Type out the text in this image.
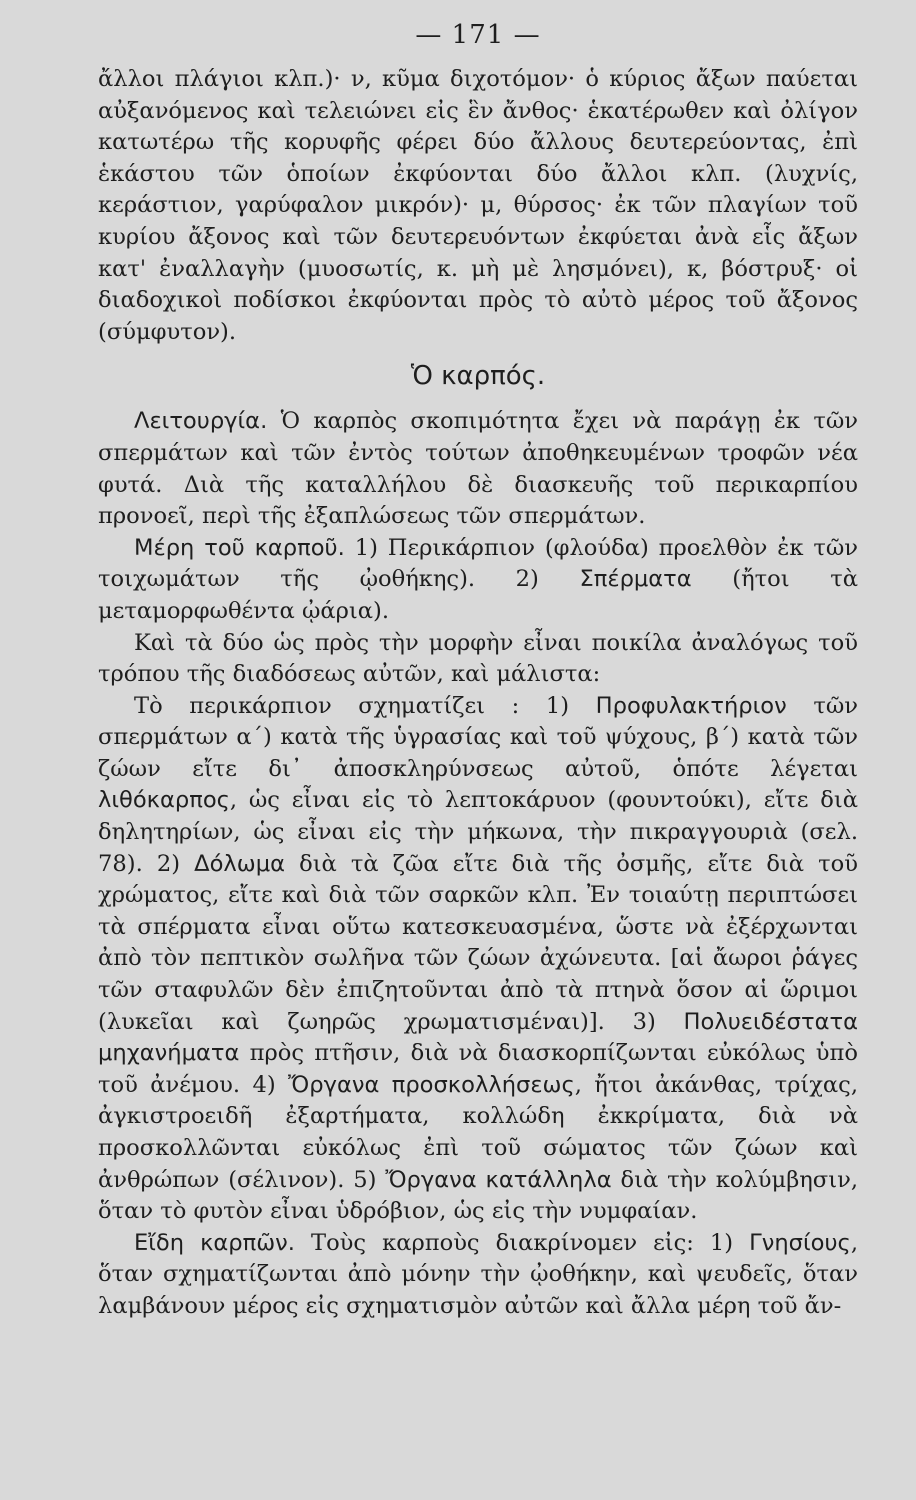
— 171 —

ἄλλοι πλάγιοι κλπ.)· ν, κῦμα διχοτόμον· ὁ κύριος ἄξων παύεται αὐξανόμενος καὶ τελειώνει εἰς ἓν ἄνθος· ἑκατέρωθεν καὶ ὀλίγον κατωτέρω τῆς κορυφῆς φέρει δύο ἄλλους δευτερεύοντας, ἐπὶ ἑκάστου τῶν ὁποίων ἐκφύονται δύο ἄλλοι κλπ. (λυχνίς, κεράστιον, γαρύφαλον μικρόν)· μ, θύρσος· ἐκ τῶν πλαγίων τοῦ κυρίου ἄξονος καὶ τῶν δευτερευόντων ἐκφύεται ἀνὰ εἷς ἄξων κατ' ἐναλλαγὴν (μυοσωτίς, κ. μὴ μὲ λησμόνει), κ, βόστρυξ· οἱ διαδοχικοὶ ποδίσκοι ἐκφύονται πρὸς τὸ αὐτὸ μέρος τοῦ ἄξονος (σύμφυτον).

Ὁ καρπός.

Λειτουργία. Ὁ καρπὸς σκοπιμότητα ἔχει νὰ παράγῃ ἐκ τῶν σπερμάτων καὶ τῶν ἐντὸς τούτων ἀποθηκευμένων τροφῶν νέα φυτά. Διὰ τῆς καταλλήλου δὲ διασκευῆς τοῦ περικαρπίου προνοεῖ, περὶ τῆς ἐξαπλώσεως τῶν σπερμάτων.

Μέρη τοῦ καρποῦ. 1) Περικάρπιον (φλούδα) προελθὸν ἐκ τῶν τοιχωμάτων τῆς ᾠοθήκης). 2) Σπέρματα (ἤτοι τὰ μεταμορφωθέντα ᾠάρια).

Καὶ τὰ δύο ὡς πρὸς τὴν μορφὴν εἶναι ποικίλα ἀναλόγως τοῦ τρόπου τῆς διαδόσεως αὐτῶν, καὶ μάλιστα:

Τὸ περικάρπιον σχηματίζει : 1) Προφυλακτήριον τῶν σπερμάτων α΄) κατὰ τῆς ὑγρασίας καὶ τοῦ ψύχους, β΄) κατὰ τῶν ζώων εἴτε δι᾿ ἀποσκληρύνσεως αὐτοῦ, ὁπότε λέγεται λιθόκαρπος, ὡς εἶναι εἰς τὸ λεπτοκάρυον (φουντούκι), εἴτε διὰ δηλητηρίων, ὡς εἶναι εἰς τὴν μήκωνα, τὴν πικραγγουριὰ (σελ. 78). 2) Δόλωμα διὰ τὰ ζῶα εἴτε διὰ τῆς ὀσμῆς, εἴτε διὰ τοῦ χρώματος, εἴτε καὶ διὰ τῶν σαρκῶν κλπ. Ἐν τοιαύτῃ περιπτώσει τὰ σπέρματα εἶναι οὕτω κατεσκευασμένα, ὥστε νὰ ἐξέρχωνται ἀπὸ τὸν πεπτικὸν σωλῆνα τῶν ζώων ἀχώνευτα. [αἱ ἄωροι ῥάγες τῶν σταφυλῶν δὲν ἐπιζητοῦνται ἀπὸ τὰ πτηνὰ ὅσον αἱ ὥριμοι (λυκεῖαι καὶ ζωηρῶς χρωματισμέναι)]. 3) Πολυειδέστατα μηχανήματα πρὸς πτῆσιν, διὰ νὰ διασκορπίζωνται εὐκόλως ὑπὸ τοῦ ἀνέμου. 4) Ὄργανα προσκολλήσεως, ἤτοι ἀκάνθας, τρίχας, ἀγκιστροειδῆ ἐξαρτήματα, κολλώδη ἐκκρίματα, διὰ νὰ προσκολλῶνται εὐκόλως ἐπὶ τοῦ σώματος τῶν ζώων καὶ ἀνθρώπων (σέλινον). 5) Ὄργανα κατάλληλα διὰ τὴν κολύμβησιν, ὅταν τὸ φυτὸν εἶναι ὑδρόβιον, ὡς εἰς τὴν νυμφαίαν.

Εἴδη καρπῶν. Τοὺς καρποὺς διακρίνομεν εἰς: 1) Γνησίους, ὅταν σχηματίζωνται ἀπὸ μόνην τὴν ᾠοθήκην, καὶ ψευδεῖς, ὅταν λαμβάνουν μέρος εἰς σχηματισμὸν αὐτῶν καὶ ἄλλα μέρη τοῦ ἄν-
